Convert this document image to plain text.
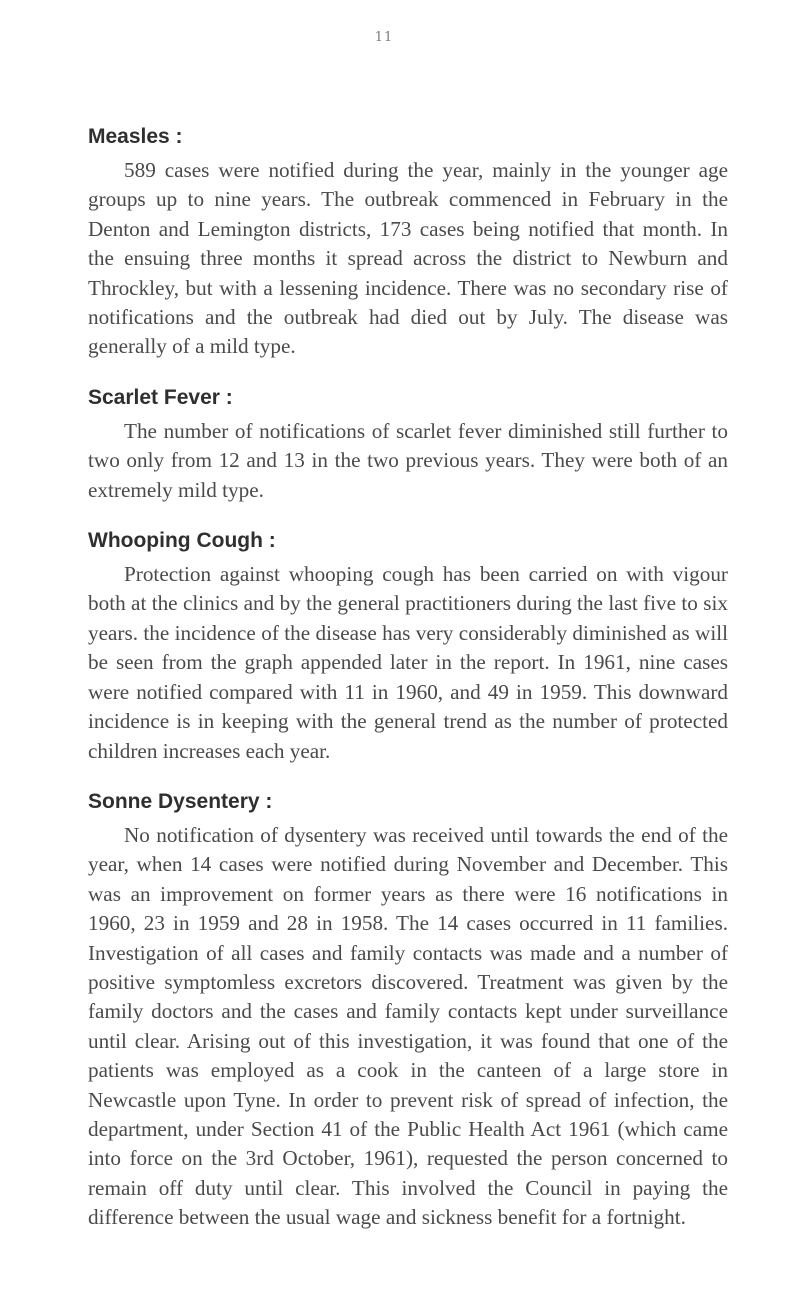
11
Measles :

589 cases were notified during the year, mainly in the younger age groups up to nine years. The outbreak commenced in February in the Denton and Lemington districts, 173 cases being notified that month. In the ensuing three months it spread across the district to Newburn and Throckley, but with a lessening incidence. There was no secondary rise of notifications and the outbreak had died out by July. The disease was generally of a mild type.

Scarlet Fever :

The number of notifications of scarlet fever diminished still further to two only from 12 and 13 in the two previous years. They were both of an extremely mild type.

Whooping Cough :

Protection against whooping cough has been carried on with vigour both at the clinics and by the general practitioners during the last five to six years. the incidence of the disease has very considerably diminished as will be seen from the graph appended later in the report. In 1961, nine cases were notified compared with 11 in 1960, and 49 in 1959. This downward incidence is in keeping with the general trend as the number of protected children increases each year.

Sonne Dysentery :

No notification of dysentery was received until towards the end of the year, when 14 cases were notified during November and December. This was an improvement on former years as there were 16 notifications in 1960, 23 in 1959 and 28 in 1958. The 14 cases occurred in 11 families. Investigation of all cases and family contacts was made and a number of positive symptomless excretors discovered. Treatment was given by the family doctors and the cases and family contacts kept under surveillance until clear. Arising out of this investigation, it was found that one of the patients was employed as a cook in the canteen of a large store in Newcastle upon Tyne. In order to prevent risk of spread of infection, the department, under Section 41 of the Public Health Act 1961 (which came into force on the 3rd October, 1961), requested the person concerned to remain off duty until clear. This involved the Council in paying the difference between the usual wage and sickness benefit for a fortnight.
